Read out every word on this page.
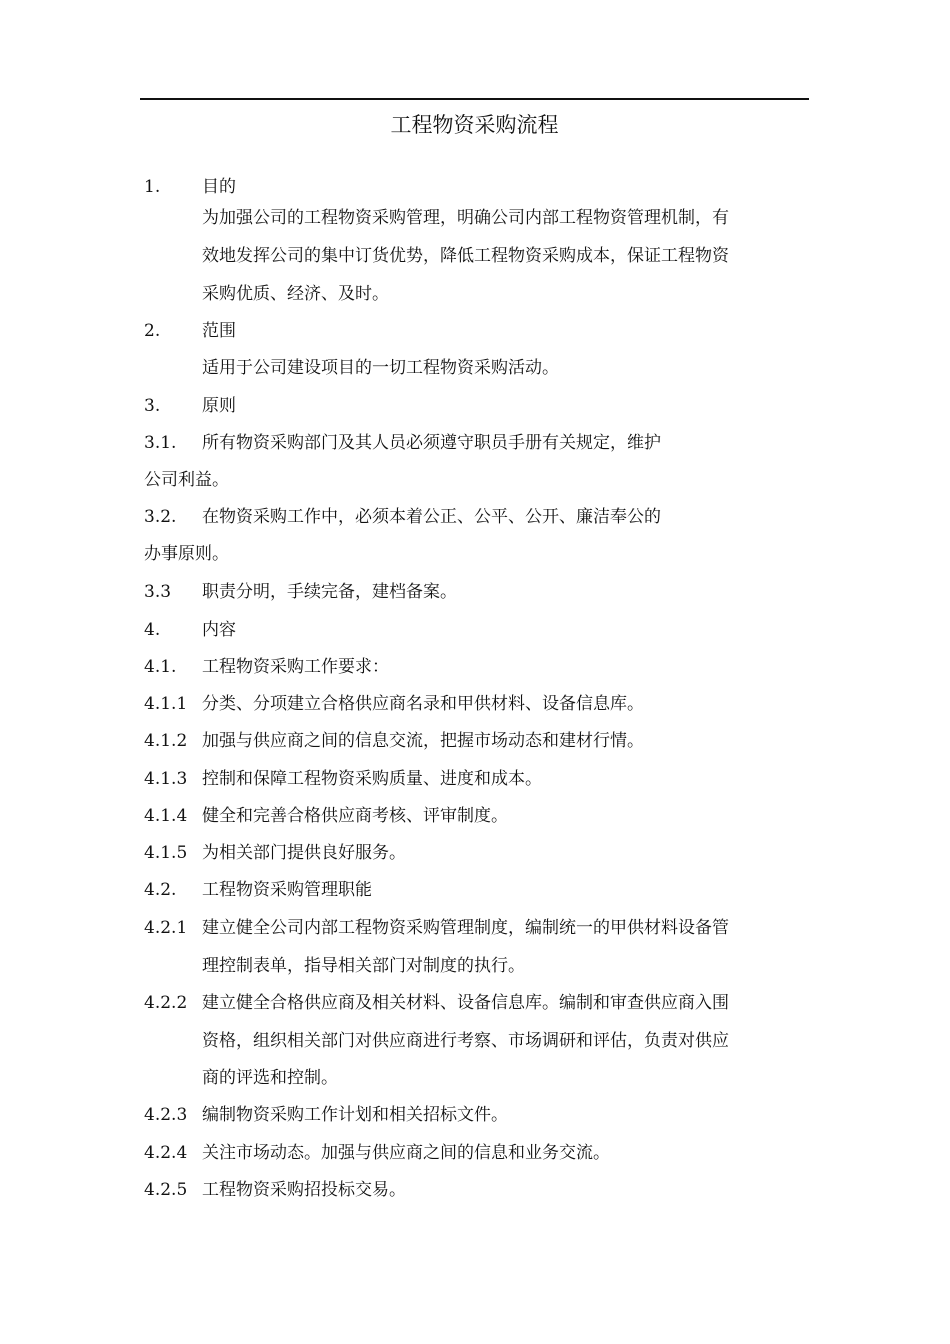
工程物资采购流程
1. 目的
为加强公司的工程物资采购管理，明确公司内部工程物资管理机制，有
效地发挥公司的集中订货优势，降低工程物资采购成本，保证工程物资
采购优质、经济、及时。
2. 范围
适用于公司建设项目的一切工程物资采购活动。
3. 原则
3.1. 所有物资采购部门及其人员必须遵守职员手册有关规定，维护
公司利益。
3.2. 在物资采购工作中，必须本着公正、公平、公开、廉洁奉公的
办事原则。
3.3 职责分明，手续完备，建档备案。
4. 内容
4.1. 工程物资采购工作要求：
4.1.1 分类、分项建立合格供应商名录和甲供材料、设备信息库。
4.1.2 加强与供应商之间的信息交流，把握市场动态和建材行情。
4.1.3 控制和保障工程物资采购质量、进度和成本。
4.1.4 健全和完善合格供应商考核、评审制度。
4.1.5 为相关部门提供良好服务。
4.2. 工程物资采购管理职能
4.2.1 建立健全公司内部工程物资采购管理制度，编制统一的甲供材料设备管
理控制表单，指导相关部门对制度的执行。
4.2.2 建立健全合格供应商及相关材料、设备信息库。编制和审查供应商入围
资格，组织相关部门对供应商进行考察、市场调研和评估，负责对供应
商的评选和控制。
4.2.3 编制物资采购工作计划和相关招标文件。
4.2.4 关注市场动态。加强与供应商之间的信息和业务交流。
4.2.5 工程物资采购招投标交易。
